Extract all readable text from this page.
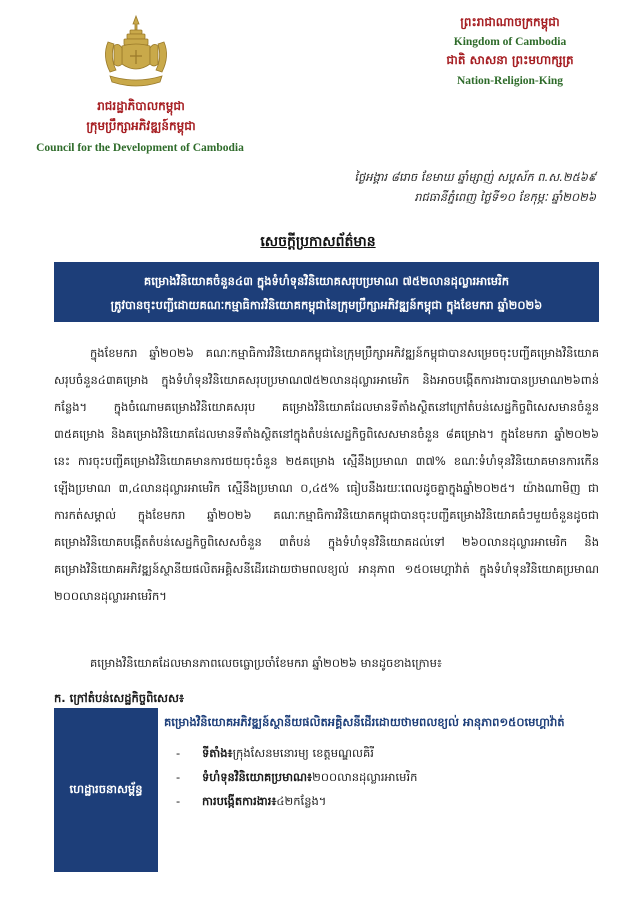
រាជរដ្ឋាភិបាលកម្ពុជា
ក្រុមប្រឹក្សាអភិវឌ្ឍន៍កម្ពុជា
Council for the Development of Cambodia
ព្រះរាជាណាចក្រកម្ពុជា
Kingdom of Cambodia
ជាតិ សាសនា ព្រះមហាក្សត្រ
Nation-Religion-King
ថ្ងៃអង្គារ ៨រោច ខែមាឃ ឆ្នាំម្សាញ់ សប្តស័ក ព.ស.២៥៦៩
រាជធានីភ្នំពេញ ថ្ងៃទី១០ ខែកុម្ភៈ ឆ្នាំ២០២៦
សេចក្តីប្រកាសព័ត៌មាន
គម្រោងវិនិយោគចំនួន៤៣ ក្នុងទំហំទុនវិនិយោគសរុបប្រមាណ ៧៥២លានដុល្លារអាមេរិក
ត្រូវបានចុះបញ្ជីដោយគណៈកម្មាធិការវិនិយោគកម្ពុជានៃក្រុមប្រឹក្សាអភិវឌ្ឍន៍កម្ពុជា ក្នុងខែមករា ឆ្នាំ២០២៦

ក្នុងខែមករា ឆ្នាំ២០២៦ គណៈកម្មាធិការវិនិយោគកម្ពុជានៃក្រុមប្រឹក្សាអភិវឌ្ឍន៍កម្ពុជាបានសម្រេចចុះបញ្ជីគម្រោងវិនិយោគសរុបចំនួន៤៣គម្រោង ក្នុងទំហំទុនវិនិយោគសរុបប្រមាណ៧៥២លានដុល្លារអាមេរិក និងអាចបង្កើតការងារបានប្រមាណ២៦ពាន់កន្លែង។ ក្នុងចំណោមគម្រោងវិនិយោគសរុប គម្រោងវិនិយោគដែលមានទីតាំងស្ថិតនៅក្រៅតំបន់សេដ្ឋកិច្ចពិសេសមានចំនួន ៣៥គម្រោង និងគម្រោងវិនិយោគដែលមានទីតាំងស្ថិតនៅក្នុងតំបន់សេដ្ឋកិច្ចពិសេសមានចំនួន ៨គម្រោង។ ក្នុងខែមករា ឆ្នាំ២០២៦ នេះ ការចុះបញ្ជីគម្រោងវិនិយោគមានការថយចុះចំនួន ២៥គម្រោង ស្មើនឹងប្រមាណ ៣៧% ខណៈទំហំទុនវិនិយោគមានការកើនឡើងប្រមាណ ៣,៤លានដុល្លារអាមេរិក ស្មើនឹងប្រមាណ ០,៤៥% ធៀបនឹងរយៈពេលដូចគ្នាក្នុងឆ្នាំ២០២៥។ យ៉ាងណាមិញ ជាការកត់សម្គាល់ ក្នុងខែមករា ឆ្នាំ២០២៦ គណៈកម្មាធិការវិនិយោគកម្ពុជាបានចុះបញ្ជីគម្រោងវិនិយោគធំៗមួយចំនួនដូចជា គម្រោងវិនិយោគបង្កើតតំបន់សេដ្ឋកិច្ចពិសេសចំនួន ៣តំបន់ ក្នុងទំហំទុនវិនិយោគដល់ទៅ ២៦០លានដុល្លារអាមេរិក និងគម្រោងវិនិយោគអភិវឌ្ឍន៍ស្ថានីយផលិតអគ្គិសនីដើរដោយថាមពលខ្យល់ អានុភាព ១៥០មេហ្គាវ៉ាត់ ក្នុងទំហំទុនវិនិយោគប្រមាណ ២០០លានដុល្លារអាមេរិក។

គម្រោងវិនិយោគដែលមានភាពលេចធ្លោប្រចាំខែមករា ឆ្នាំ២០២៦ មានដូចខាងក្រោម៖

ក. ក្រៅតំបន់សេដ្ឋកិច្ចពិសេស៖

ហេដ្ឋារចនាសម្ព័ន្ធ

គម្រោងវិនិយោគអភិវឌ្ឍន៍ស្ថានីយផលិតអគ្គិសនីដើរដោយថាមពលខ្យល់ អានុភាព១៥០មេហ្គាវ៉ាត់

-	ទីតាំង៖ ក្រុងសែនមនោរម្យ ខេត្តមណ្ឌលគិរី
-	ទំហំទុនវិនិយោគប្រមាណ៖ ២០០លានដុល្លារអាមេរិក
-	ការបង្កើតការងារ៖ ៤២កន្លែង។
